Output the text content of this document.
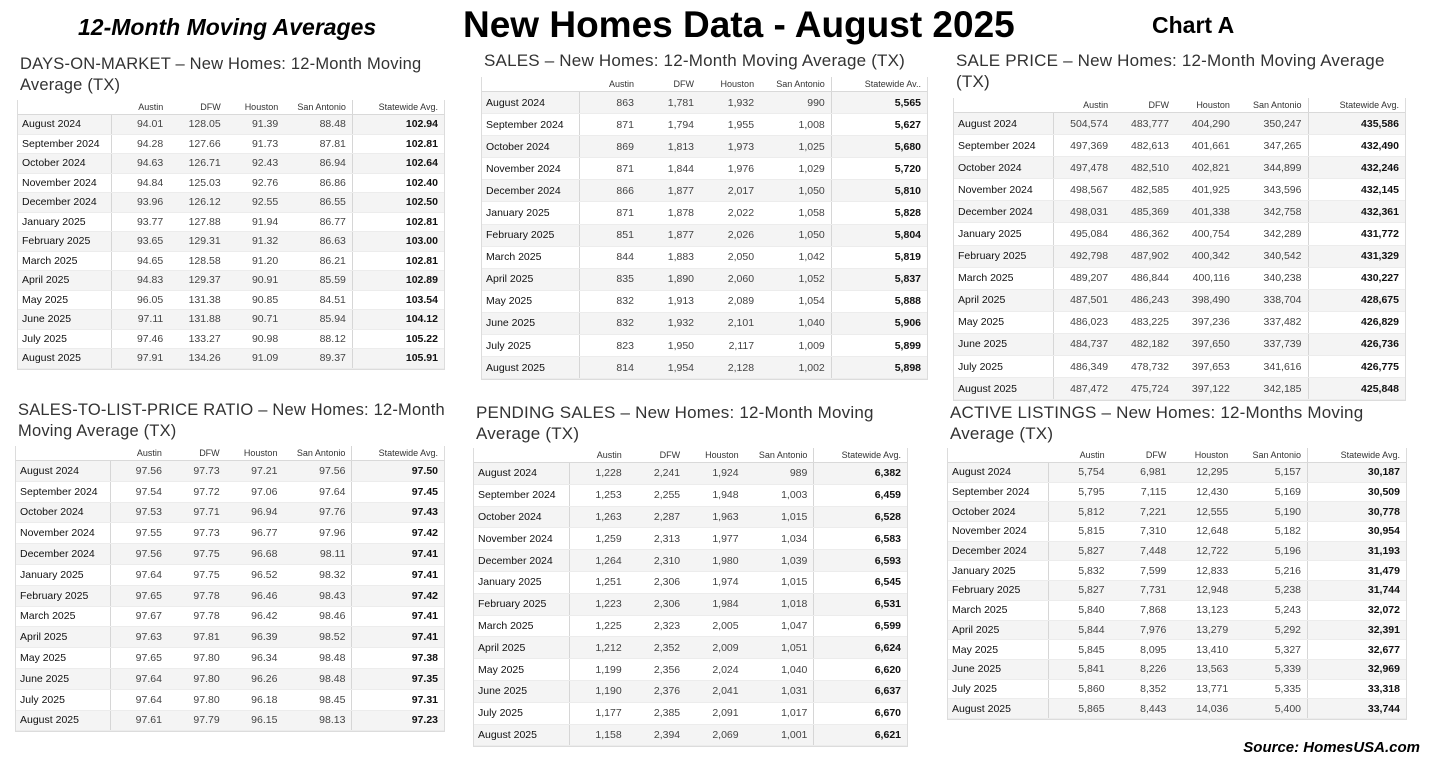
12-Month Moving Averages New Homes Data - August 2025	Chart A
DAYS-ON-MARKET – New Homes: 12-Month Moving Average (TX)
	Austin	DFW	Houston	San Antonio	Statewide Avg.
August 2024	94.01	128.05	91.39	88.48	102.94
September 2024	94.28	127.66	91.73	87.81	102.81
October 2024	94.63	126.71	92.43	86.94	102.64
November 2024	94.84	125.03	92.76	86.86	102.40
December 2024	93.96	126.12	92.55	86.55	102.50
January 2025	93.77	127.88	91.94	86.77	102.81
February 2025	93.65	129.31	91.32	86.63	103.00
March 2025	94.65	128.58	91.20	86.21	102.81
April 2025	94.83	129.37	90.91	85.59	102.89
May 2025	96.05	131.38	90.85	84.51	103.54
June 2025	97.11	131.88	90.71	85.94	104.12
July 2025	97.46	133.27	90.98	88.12	105.22
August 2025	97.91	134.26	91.09	89.37	105.91
SALES – New Homes: 12-Month Moving Average (TX)
	Austin	DFW	Houston	San Antonio	Statewide Av..
August 2024	863	1,781	1,932	990	5,565
September 2024	871	1,794	1,955	1,008	5,627
October 2024	869	1,813	1,973	1,025	5,680
November 2024	871	1,844	1,976	1,029	5,720
December 2024	866	1,877	2,017	1,050	5,810
January 2025	871	1,878	2,022	1,058	5,828
February 2025	851	1,877	2,026	1,050	5,804
March 2025	844	1,883	2,050	1,042	5,819
April 2025	835	1,890	2,060	1,052	5,837
May 2025	832	1,913	2,089	1,054	5,888
June 2025	832	1,932	2,101	1,040	5,906
July 2025	823	1,950	2,117	1,009	5,899
August 2025	814	1,954	2,128	1,002	5,898
SALE PRICE – New Homes: 12-Month Moving Average (TX)
	Austin	DFW	Houston	San Antonio	Statewide Avg.
August 2024	504,574	483,777	404,290	350,247	435,586
September 2024	497,369	482,613	401,661	347,265	432,490
October 2024	497,478	482,510	402,821	344,899	432,246
November 2024	498,567	482,585	401,925	343,596	432,145
December 2024	498,031	485,369	401,338	342,758	432,361
January 2025	495,084	486,362	400,754	342,289	431,772
February 2025	492,798	487,902	400,342	340,542	431,329
March 2025	489,207	486,844	400,116	340,238	430,227
April 2025	487,501	486,243	398,490	338,704	428,675
May 2025	486,023	483,225	397,236	337,482	426,829
June 2025	484,737	482,182	397,650	337,739	426,736
July 2025	486,349	478,732	397,653	341,616	426,775
August 2025	487,472	475,724	397,122	342,185	425,848
SALES-TO-LIST-PRICE RATIO – New Homes: 12-Month Moving Average (TX)
	Austin	DFW	Houston	San Antonio	Statewide Avg.
August 2024	97.56	97.73	97.21	97.56	97.50
September 2024	97.54	97.72	97.06	97.64	97.45
October 2024	97.53	97.71	96.94	97.76	97.43
November 2024	97.55	97.73	96.77	97.96	97.42
December 2024	97.56	97.75	96.68	98.11	97.41
January 2025	97.64	97.75	96.52	98.32	97.41
February 2025	97.65	97.78	96.46	98.43	97.42
March 2025	97.67	97.78	96.42	98.46	97.41
April 2025	97.63	97.81	96.39	98.52	97.41
May 2025	97.65	97.80	96.34	98.48	97.38
June 2025	97.64	97.80	96.26	98.48	97.35
July 2025	97.64	97.80	96.18	98.45	97.31
August 2025	97.61	97.79	96.15	98.13	97.23
PENDING SALES – New Homes: 12-Month Moving Average (TX)
	Austin	DFW	Houston	San Antonio	Statewide Avg.
August 2024	1,228	2,241	1,924	989	6,382
September 2024	1,253	2,255	1,948	1,003	6,459
October 2024	1,263	2,287	1,963	1,015	6,528
November 2024	1,259	2,313	1,977	1,034	6,583
December 2024	1,264	2,310	1,980	1,039	6,593
January 2025	1,251	2,306	1,974	1,015	6,545
February 2025	1,223	2,306	1,984	1,018	6,531
March 2025	1,225	2,323	2,005	1,047	6,599
April 2025	1,212	2,352	2,009	1,051	6,624
May 2025	1,199	2,356	2,024	1,040	6,620
June 2025	1,190	2,376	2,041	1,031	6,637
July 2025	1,177	2,385	2,091	1,017	6,670
August 2025	1,158	2,394	2,069	1,001	6,621
ACTIVE LISTINGS – New Homes: 12-Months Moving Average (TX)
	Austin	DFW	Houston	San Antonio	Statewide Avg.
August 2024	5,754	6,981	12,295	5,157	30,187
September 2024	5,795	7,115	12,430	5,169	30,509
October 2024	5,812	7,221	12,555	5,190	30,778
November 2024	5,815	7,310	12,648	5,182	30,954
December 2024	5,827	7,448	12,722	5,196	31,193
January 2025	5,832	7,599	12,833	5,216	31,479
February 2025	5,827	7,731	12,948	5,238	31,744
March 2025	5,840	7,868	13,123	5,243	32,072
April 2025	5,844	7,976	13,279	5,292	32,391
May 2025	5,845	8,095	13,410	5,327	32,677
June 2025	5,841	8,226	13,563	5,339	32,969
July 2025	5,860	8,352	13,771	5,335	33,318
August 2025	5,865	8,443	14,036	5,400	33,744
Source: HomesUSA.com
